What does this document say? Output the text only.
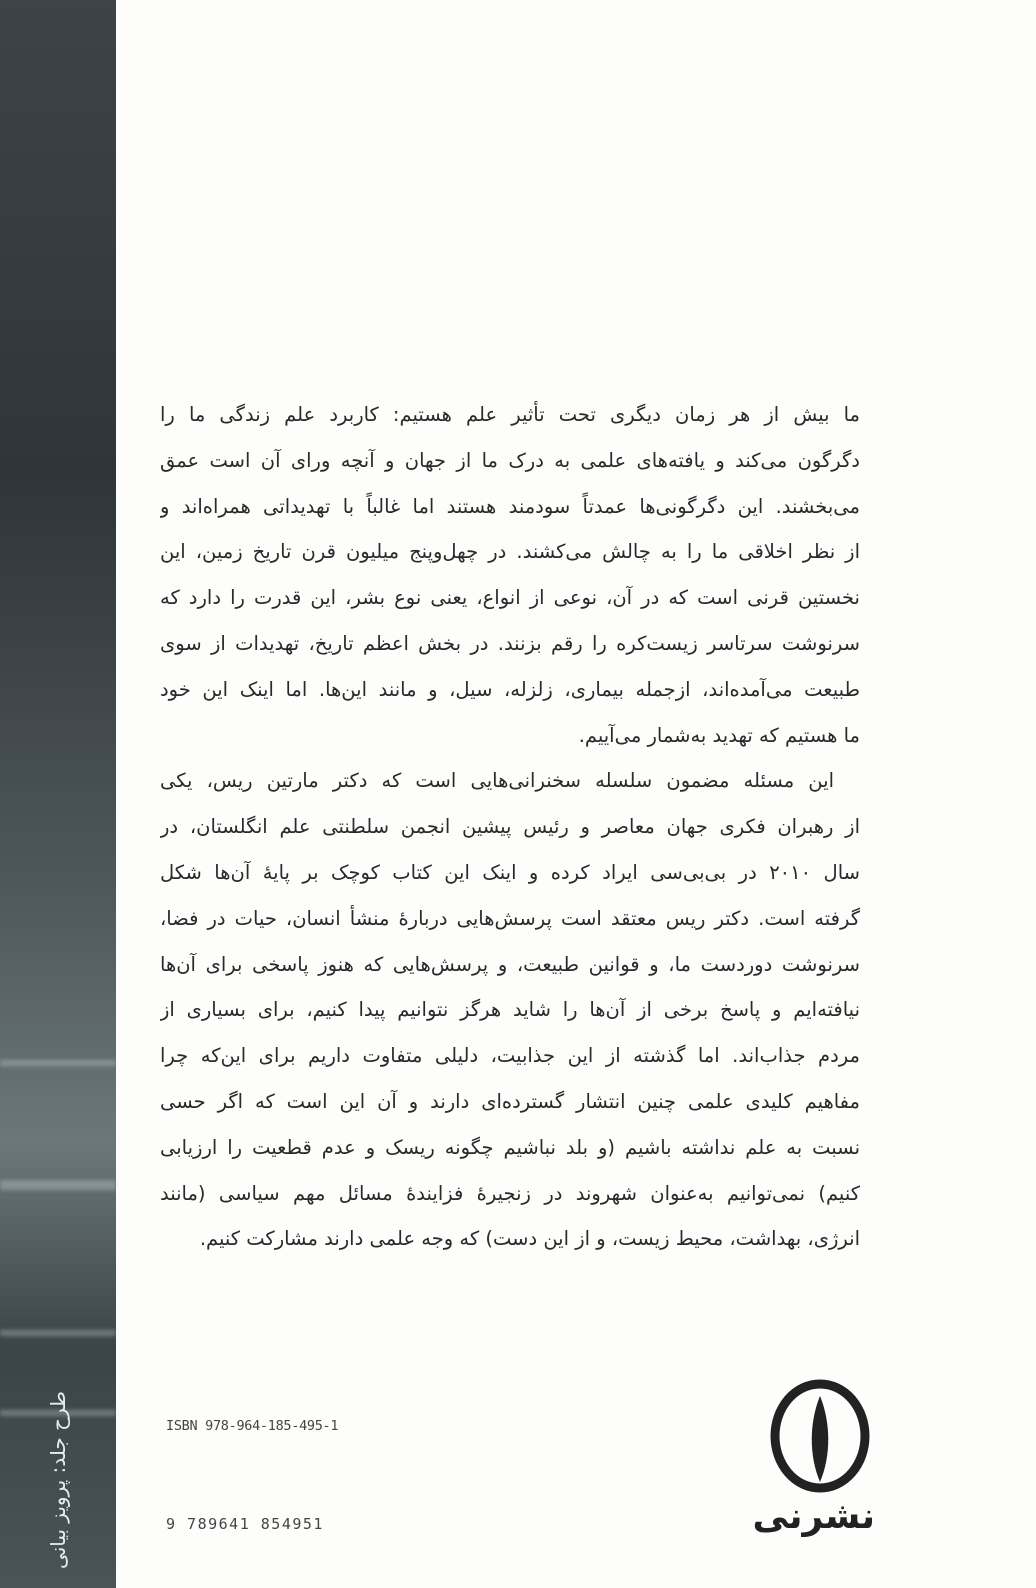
طرح جلد: پرویز بیانی
ما بیش از هر زمان دیگری تحت تأثیر علم هستیم: کاربرد علم زندگی ما را
دگرگون می‌کند و یافته‌های علمی به درک ما از جهان و آنچه ورای آن است عمق
می‌بخشند. این دگرگونی‌ها عمدتاً سودمند هستند اما غالباً با تهدیداتی همراه‌اند و
از نظر اخلاقی ما را به چالش می‌کشند. در چهل‌وپنج میلیون قرن تاریخ زمین، این
نخستین قرنی است که در آن، نوعی از انواع، یعنی نوع بشر، این قدرت را دارد که
سرنوشت سرتاسر زیست‌کره را رقم بزنند. در بخش اعظم تاریخ، تهدیدات از سوی
طبیعت می‌آمده‌اند، ازجمله بیماری، زلزله، سیل، و مانند این‌ها. اما اینک این خود
ما هستیم که تهدید به‌شمار می‌آییم.
این مسئله مضمون سلسله سخنرانی‌هایی است که دکتر مارتین ریس، یکی
از رهبران فکری جهان معاصر و رئیس پیشین انجمن سلطنتی علم انگلستان، در
سال ۲۰۱۰ در بی‌بی‌سی ایراد کرده و اینک این کتاب کوچک بر پایهٔ آن‌ها شکل
گرفته است. دکتر ریس معتقد است پرسش‌هایی دربارهٔ منشأ انسان، حیات در فضا،
سرنوشت دوردست ما، و قوانین طبیعت، و پرسش‌هایی که هنوز پاسخی برای آن‌ها
نیافته‌ایم و پاسخ برخی از آن‌ها را شاید هرگز نتوانیم پیدا کنیم، برای بسیاری از
مردم جذاب‌اند. اما گذشته از این جذابیت، دلیلی متفاوت داریم برای این‌که چرا
مفاهیم کلیدی علمی چنین انتشار گسترده‌ای دارند و آن این است که اگر حسی
نسبت به علم نداشته باشیم (و بلد نباشیم چگونه ریسک و عدم قطعیت را ارزیابی
کنیم) نمی‌توانیم به‌عنوان شهروند در زنجیرهٔ فزایندهٔ مسائل مهم سیاسی (مانند
انرژی، بهداشت، محیط زیست، و از این دست) که وجه علمی دارند مشارکت کنیم.
ISBN 978-964-185-495-1
9 789641 854951	نشرنی
